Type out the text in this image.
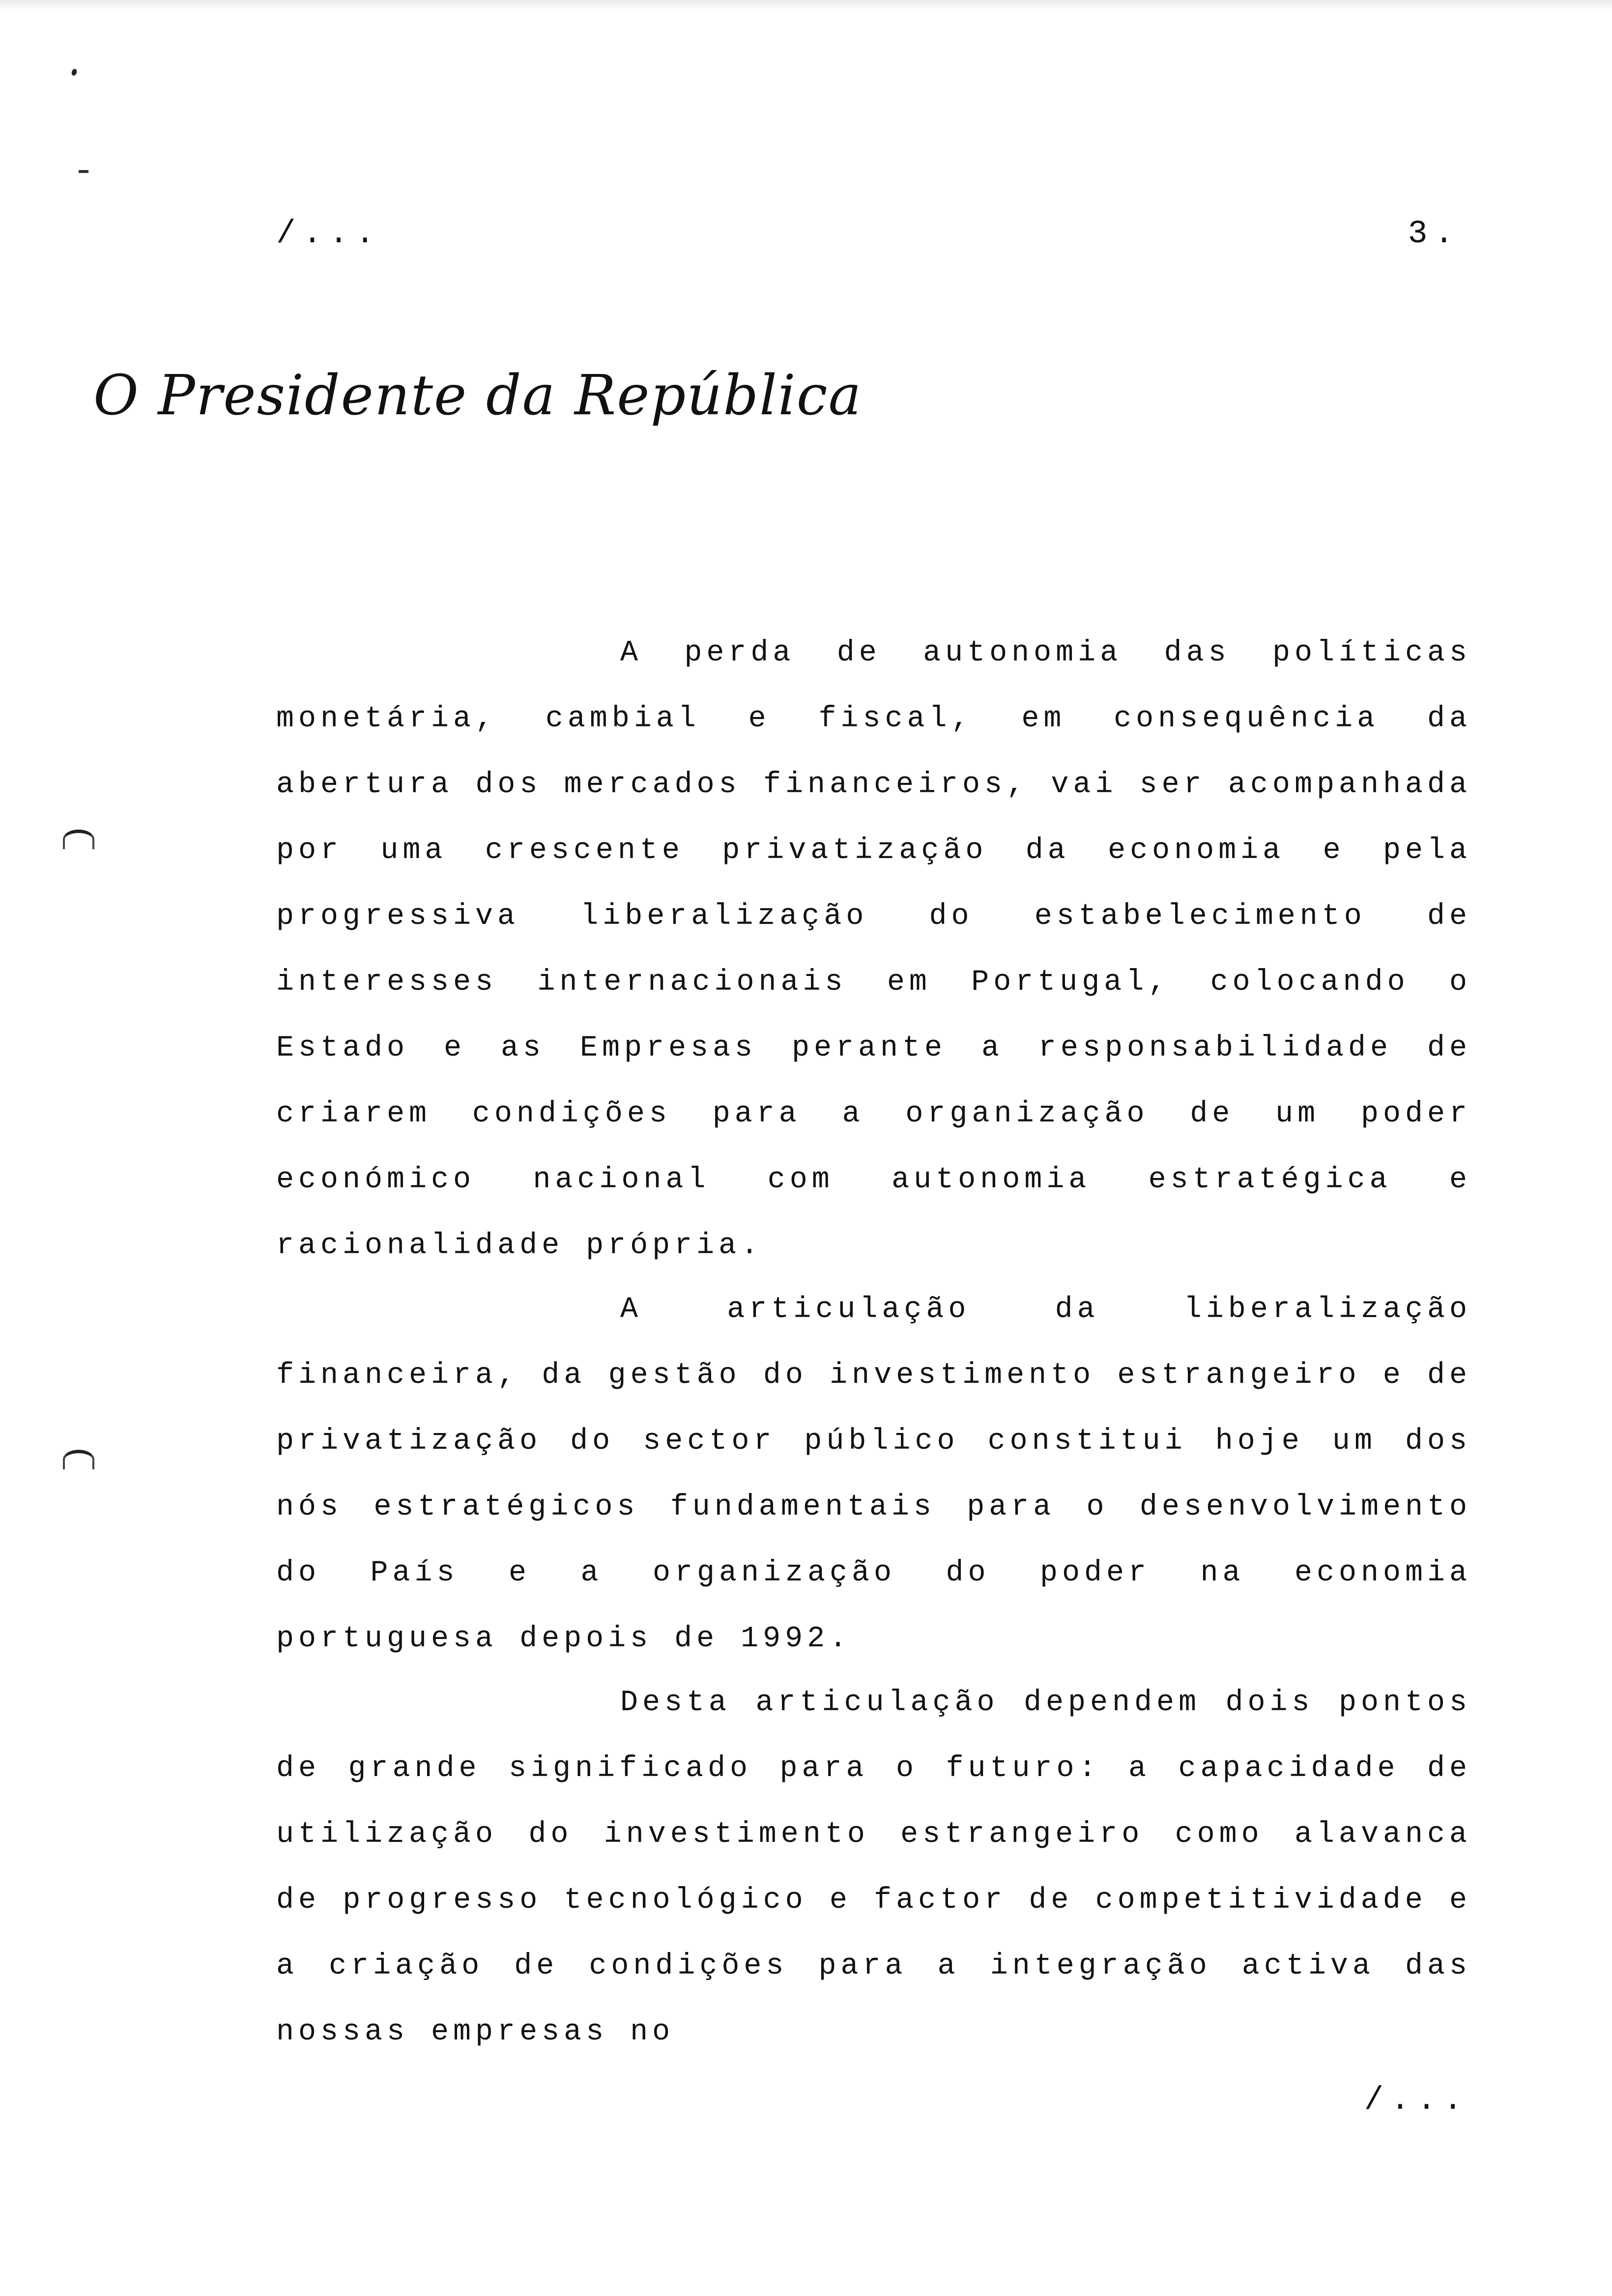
/...	3.
O Presidente da República

A perda de autonomia das políticas monetária, cambial e fiscal, em consequência da abertura dos mercados financeiros, vai ser acompanhada por uma crescente privatização da economia e pela progressiva liberalização do estabelecimento de interesses internacionais em Portugal, colocando o Estado e as Empresas perante a responsabilidade de criarem condições para a organização de um poder económico nacional com autonomia estratégica e racionalidade própria.

A articulação da liberalização financeira, da gestão do investimento estrangeiro e de privatização do sector público constitui hoje um dos nós estratégicos fundamentais para o desenvolvimento do País e a organização do poder na economia portuguesa depois de 1992.

Desta articulação dependem dois pontos de grande significado para o futuro: a capacidade de utilização do investimento estrangeiro como alavanca de progresso tecnológico e factor de competitividade e a criação de condições para a integração activa das nossas empresas no

/...
